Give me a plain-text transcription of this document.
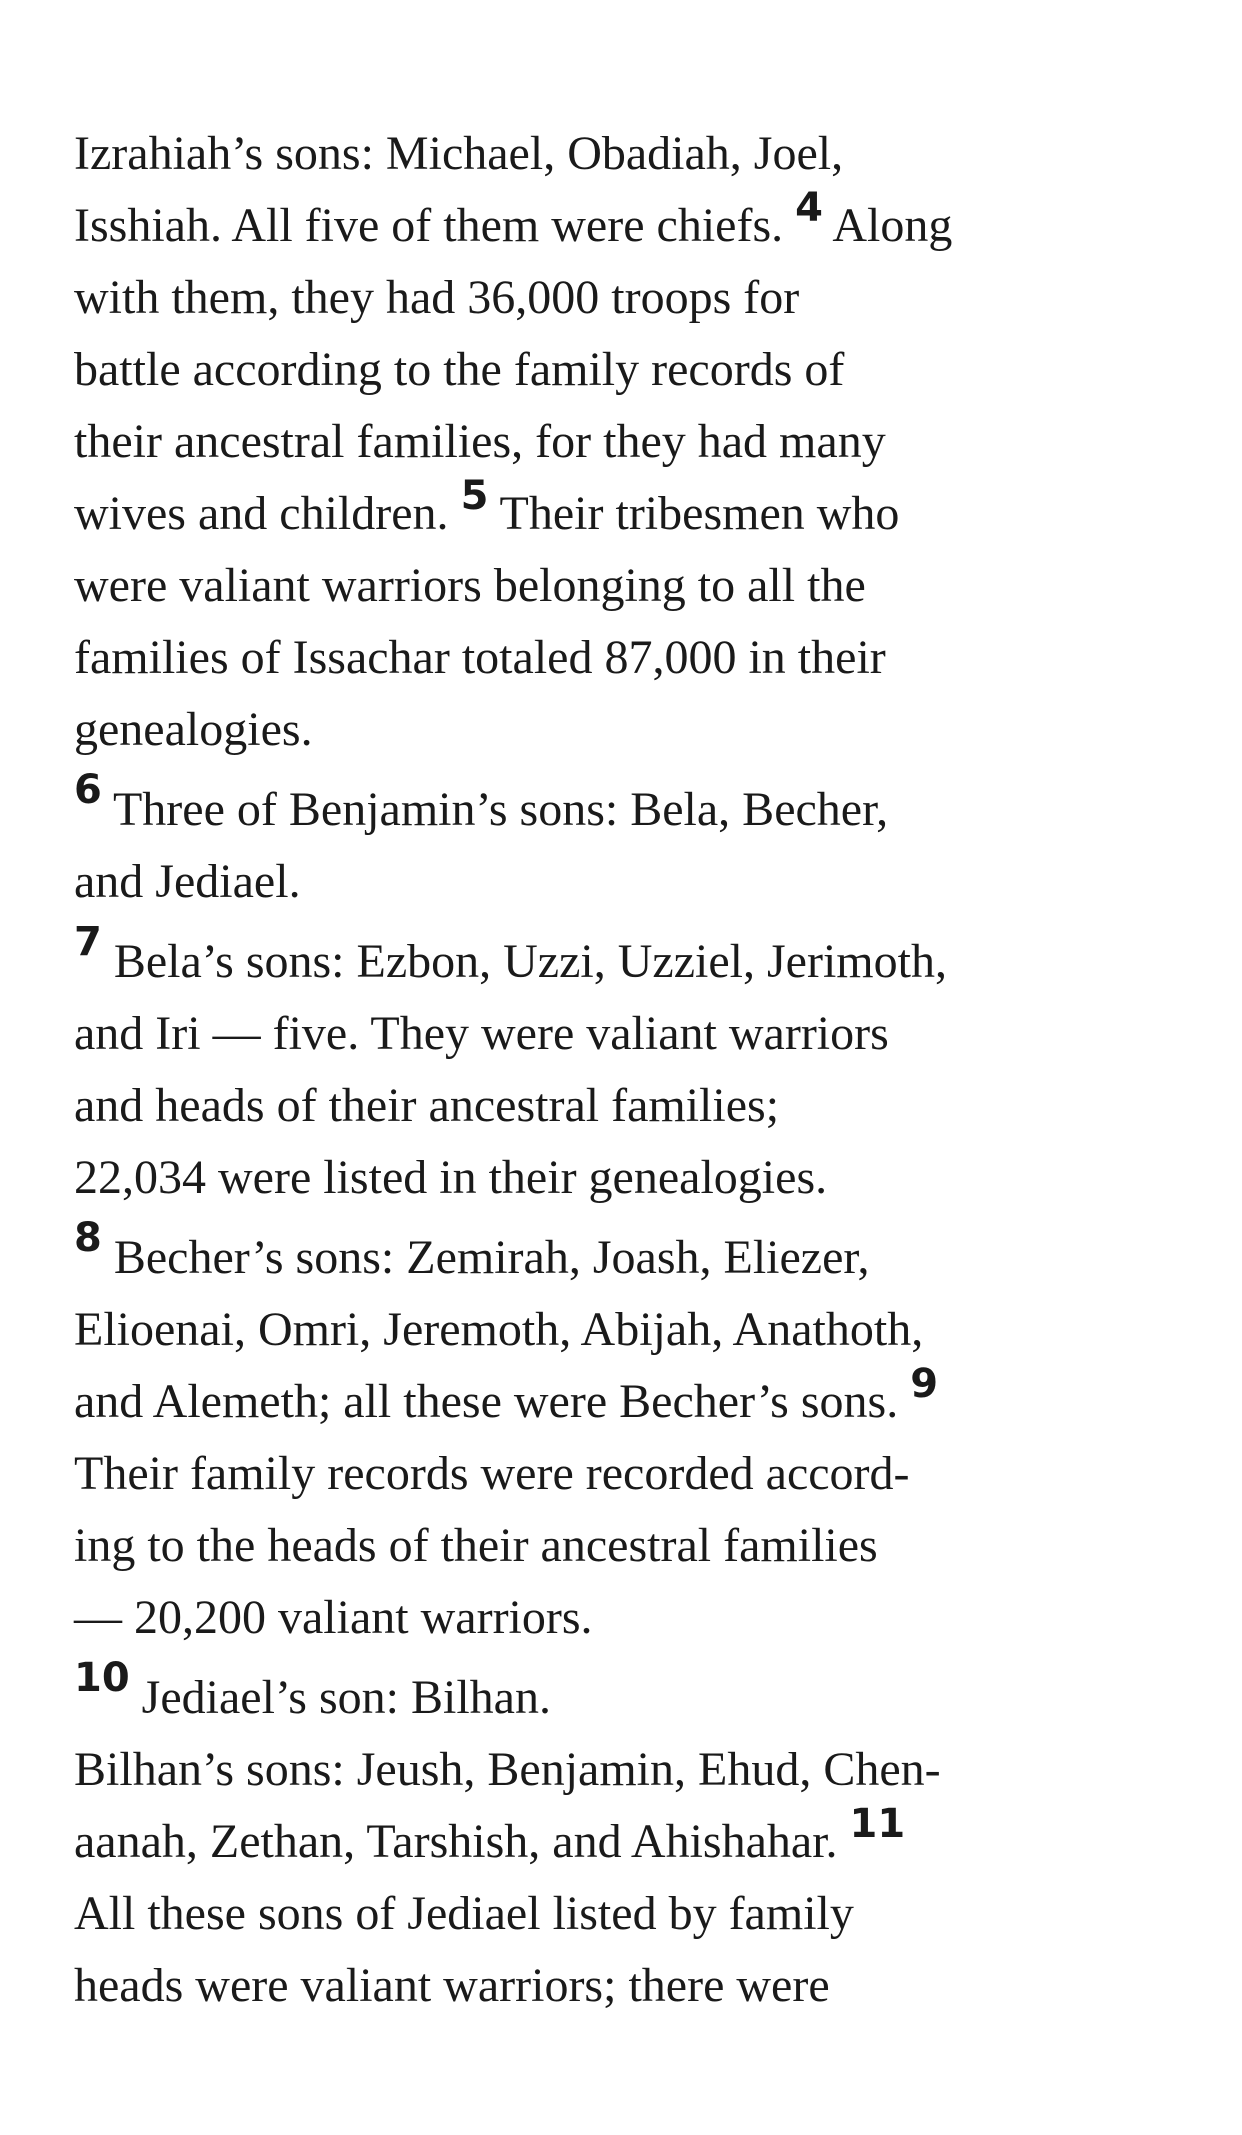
Izrahiah’s sons: Michael, Obadiah, Joel,
Isshiah. All five of them were chiefs. $^4$ Along
with them, they had 36,000 troops for
battle according to the family records of
their ancestral families, for they had many
wives and children. $^5$ Their tribesmen who
were valiant warriors belonging to all the
families of Issachar totaled 87,000 in their
genealogies.
$^6$ Three of Benjamin’s sons: Bela, Becher,
and Jediael.
$^7$ Bela’s sons: Ezbon, Uzzi, Uzziel, Jerimoth,
and Iri — five. They were valiant warriors
and heads of their ancestral families;
22,034 were listed in their genealogies.
$^8$ Becher’s sons: Zemirah, Joash, Eliezer,
Elioenai, Omri, Jeremoth, Abijah, Anathoth,
and Alemeth; all these were Becher’s sons. $^9$
Their family records were recorded accord-
ing to the heads of their ancestral families
— 20,200 valiant warriors.
$^{10}$ Jediael’s son: Bilhan.
Bilhan’s sons: Jeush, Benjamin, Ehud, Chen-
aanah, Zethan, Tarshish, and Ahishahar. $^{11}$
All these sons of Jediael listed by family
heads were valiant warriors; there were
